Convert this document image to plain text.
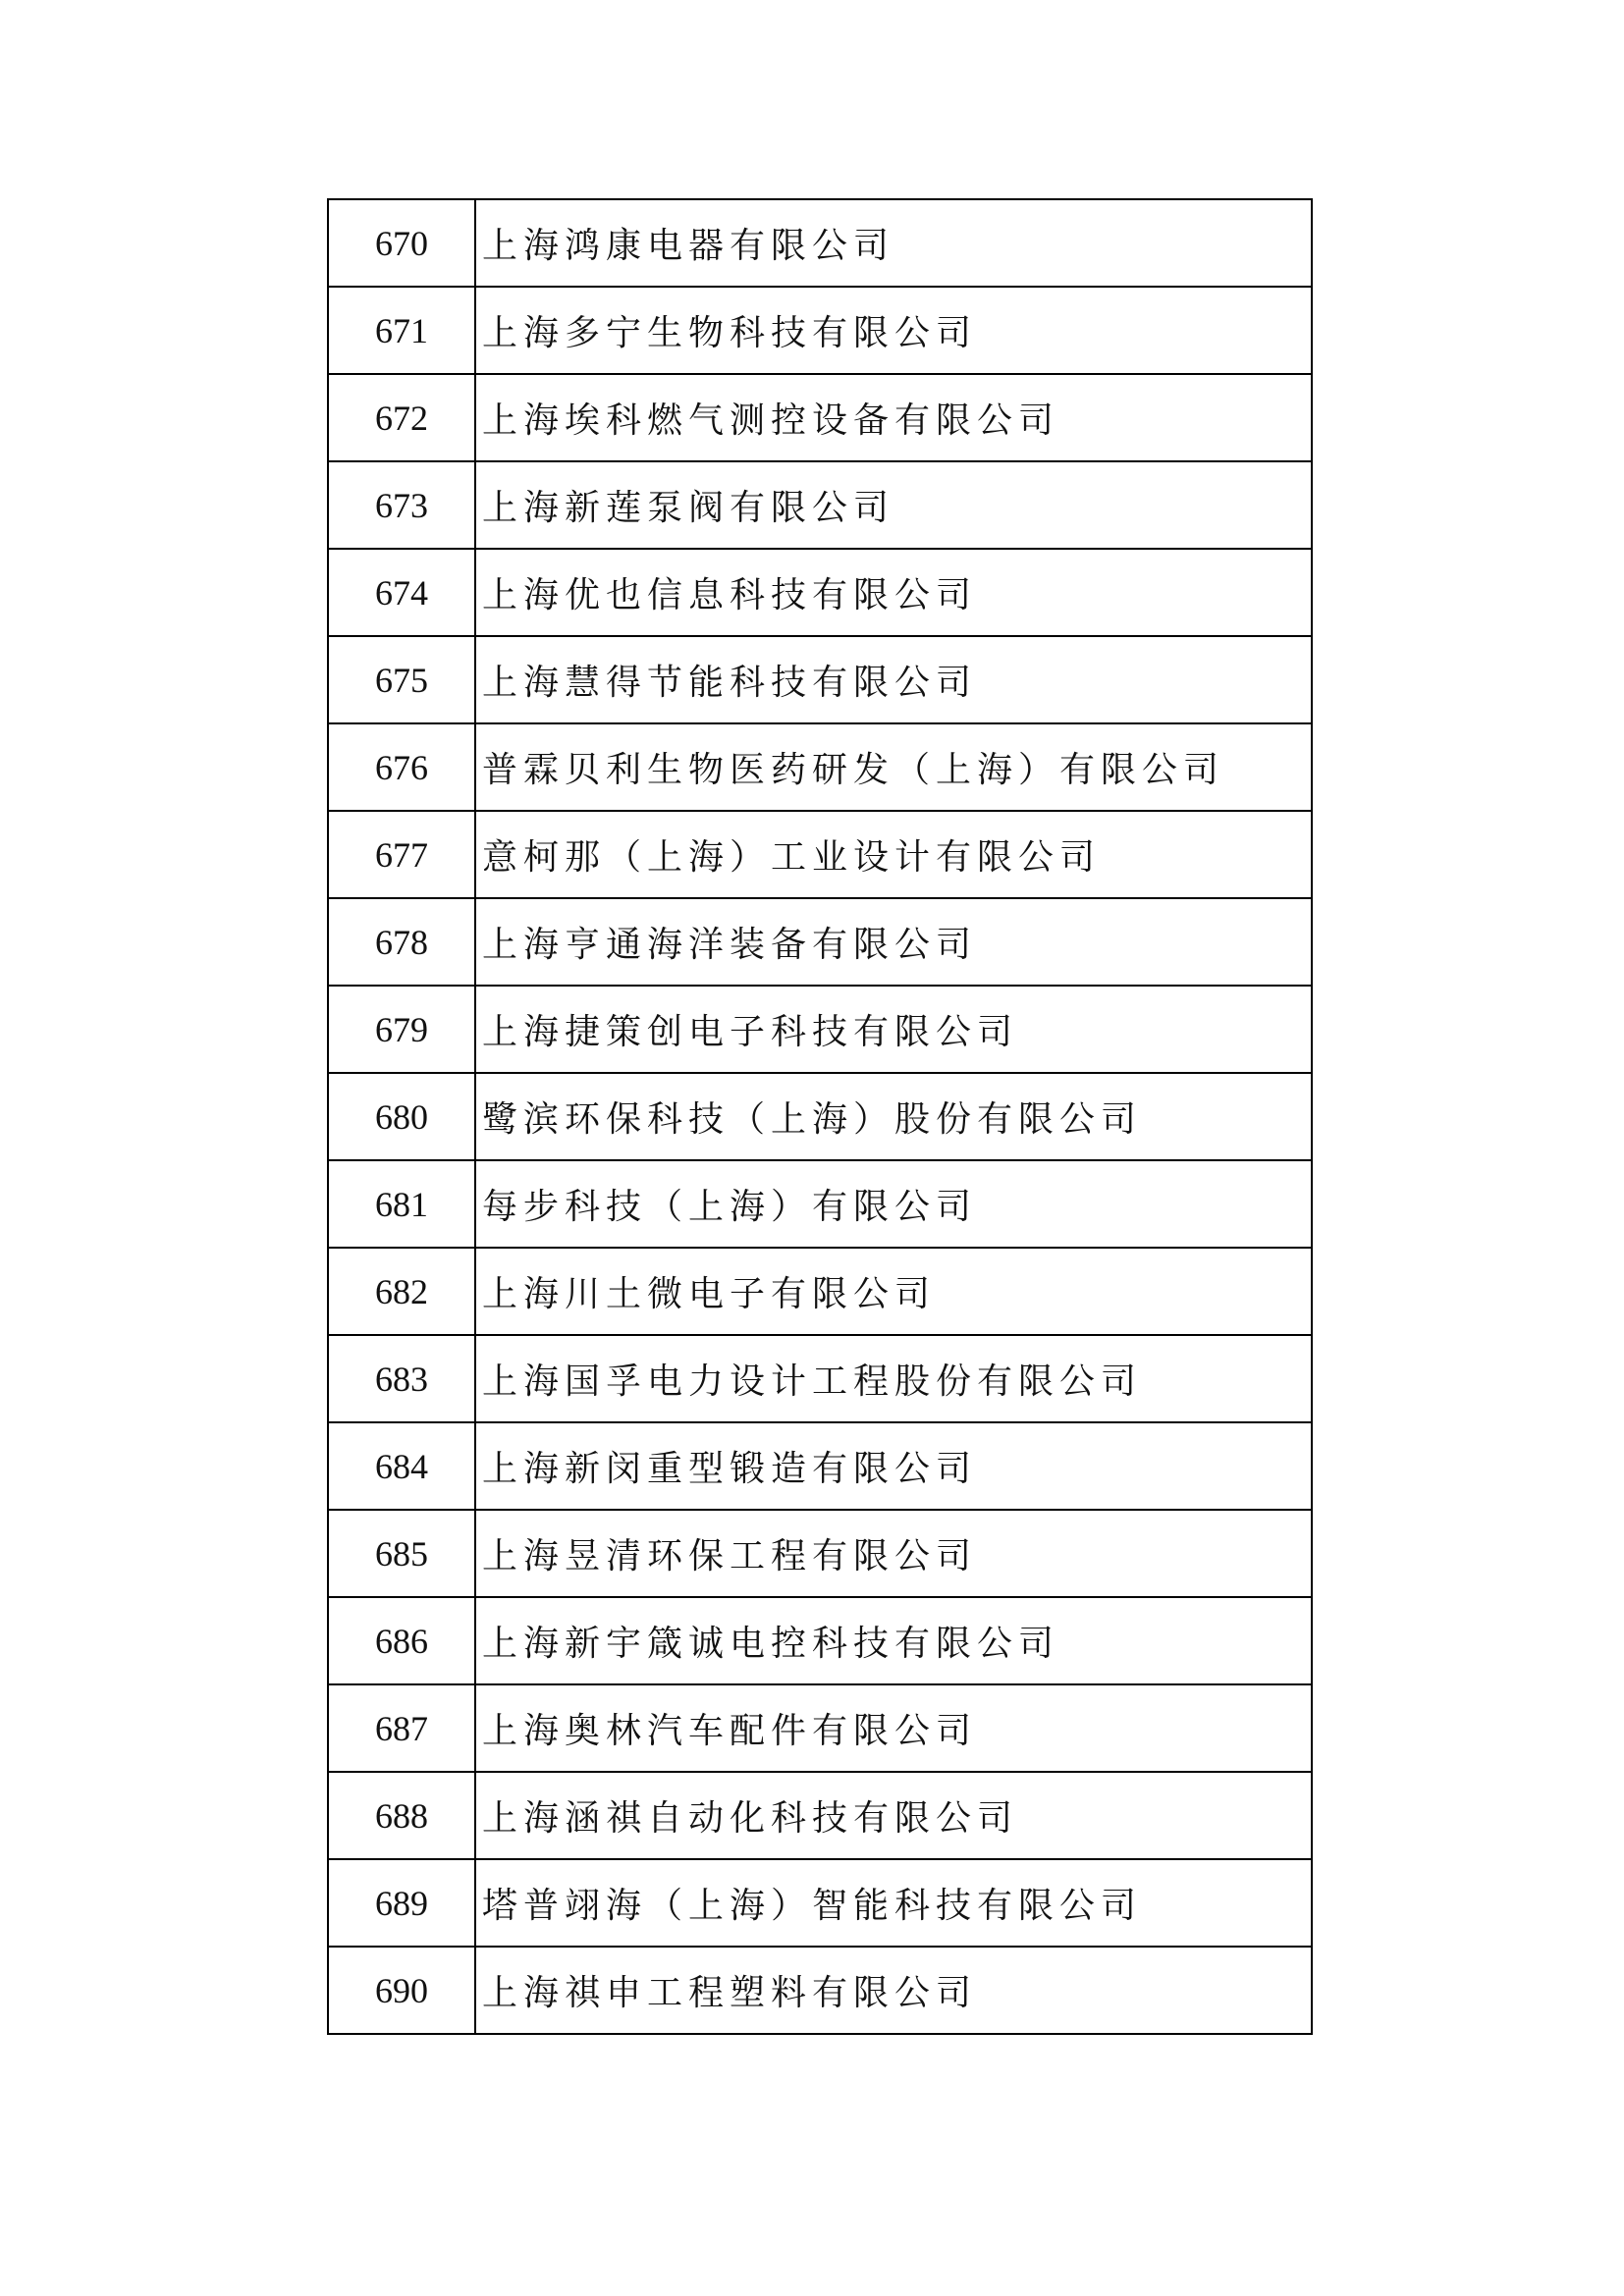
670	上海鸿康电器有限公司
671	上海多宁生物科技有限公司
672	上海埃科燃气测控设备有限公司
673	上海新莲泵阀有限公司
674	上海优也信息科技有限公司
675	上海慧得节能科技有限公司
676	普霖贝利生物医药研发（上海）有限公司
677	意柯那（上海）工业设计有限公司
678	上海亨通海洋装备有限公司
679	上海捷策创电子科技有限公司
680	鹭滨环保科技（上海）股份有限公司
681	每步科技（上海）有限公司
682	上海川土微电子有限公司
683	上海国孚电力设计工程股份有限公司
684	上海新闵重型锻造有限公司
685	上海昱清环保工程有限公司
686	上海新宇箴诚电控科技有限公司
687	上海奥林汽车配件有限公司
688	上海涵祺自动化科技有限公司
689	塔普翊海（上海）智能科技有限公司
690	上海祺申工程塑料有限公司
